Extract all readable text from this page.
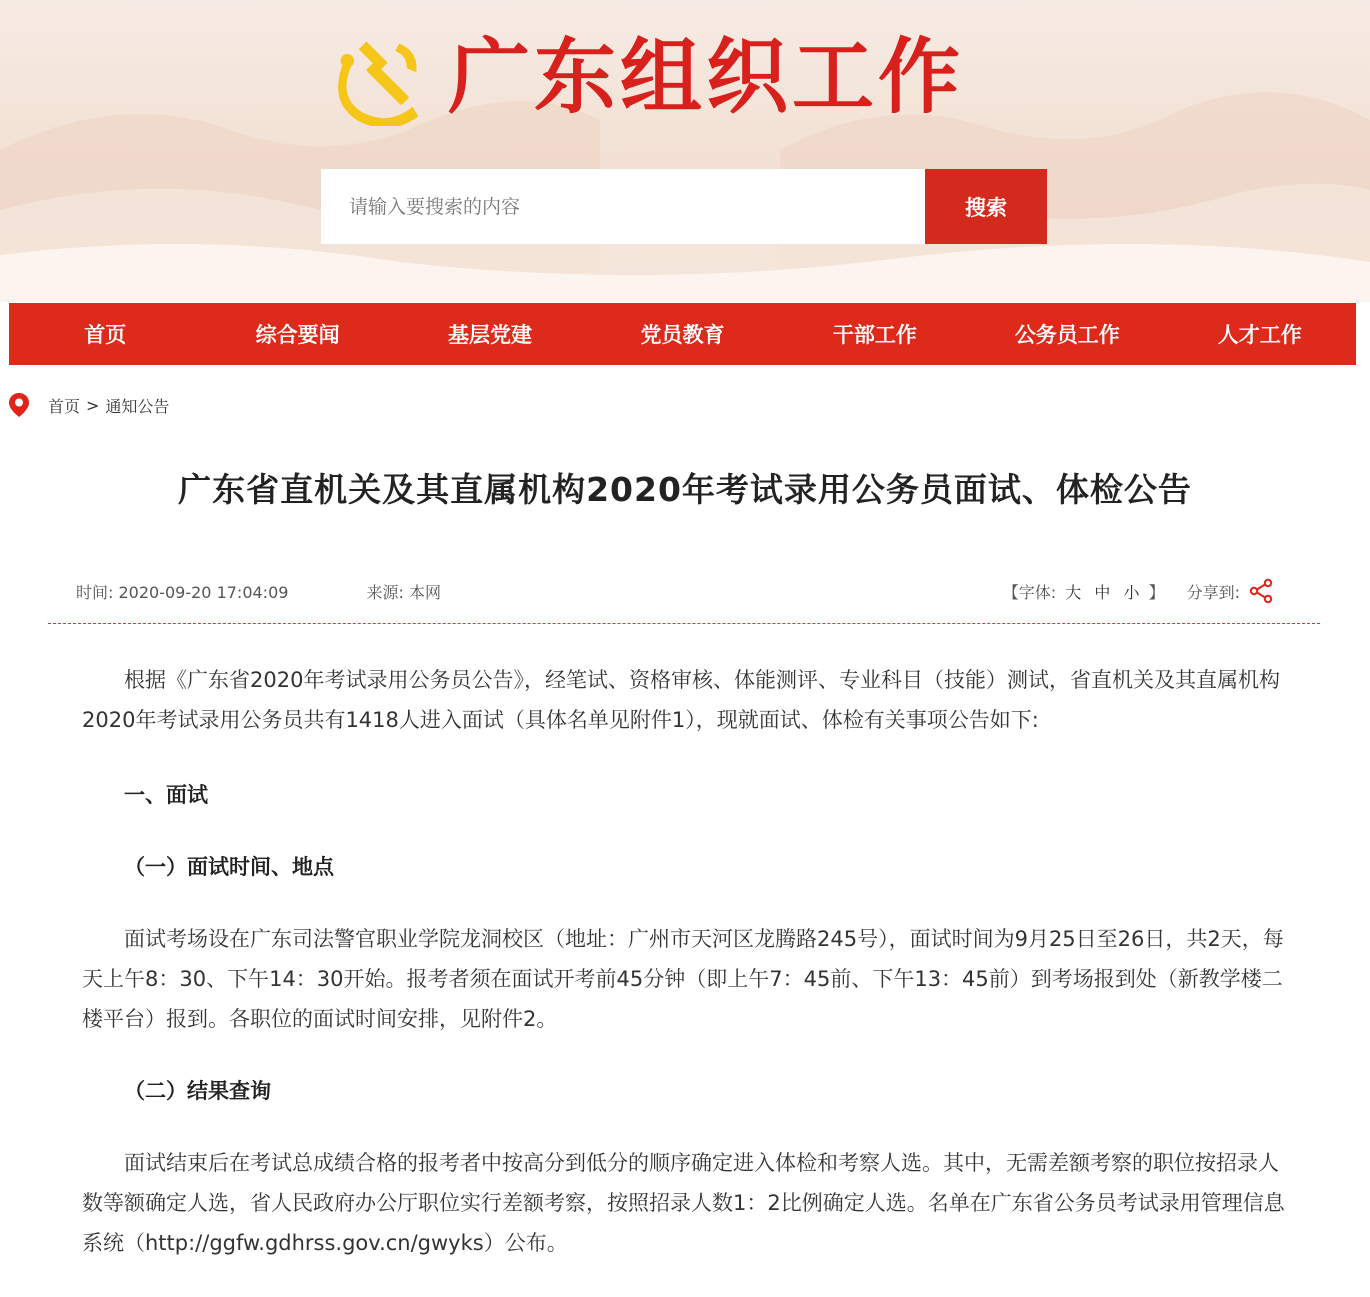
广东组织工作
请输入要搜索的内容
搜索
首页	综合要闻	基层党建	党员教育	干部工作	公务员工作	人才工作
首页 > 通知公告
广东省直机关及其直属机构2020年考试录用公务员面试、体检公告
时间: 2020-09-20 17:04:09	来源: 本网	【字体: 大 中 小 】 分享到:

根据《广东省2020年考试录用公务员公告》，经笔试、资格审核、体能测评、专业科目（技能）测试，省直机关及其直属机构2020年考试录用公务员共有1418人进入面试（具体名单见附件1），现就面试、体检有关事项公告如下:

一、面试
（一）面试时间、地点

面试考场设在广东司法警官职业学院龙洞校区（地址：广州市天河区龙腾路245号），面试时间为9月25日至26日，共2天，每天上午8：30、下午14：30开始。报考者须在面试开考前45分钟（即上午7：45前、下午13：45前）到考场报到处（新教学楼二楼平台）报到。各职位的面试时间安排，见附件2。

（二）结果查询

面试结束后在考试总成绩合格的报考者中按高分到低分的顺序确定进入体检和考察人选。其中，无需差额考察的职位按招录人数等额确定人选，省人民政府办公厅职位实行差额考察，按照招录人数1：2比例确定人选。名单在广东省公务员考试录用管理信息系统（http://ggfw.gdhrss.gov.cn/gwyks）公布。
